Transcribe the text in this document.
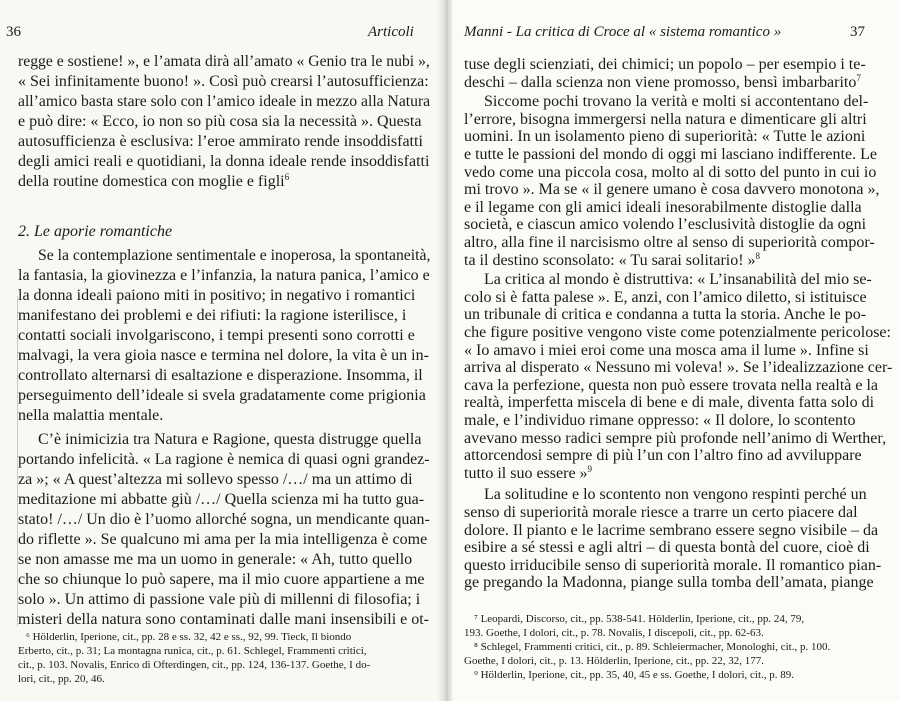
36	Articoli
regge e sostiene! », e l’amata dirà all’amato « Genio tra le nubi »,
« Sei infinitamente buono! ». Così può crearsi l’autosufficienza:
all’amico basta stare solo con l’amico ideale in mezzo alla Natura
e può dire: « Ecco, io non so più cosa sia la necessità ». Questa
autosufficienza è esclusiva: l’eroe ammirato rende insoddisfatti
degli amici reali e quotidiani, la donna ideale rende insoddisfatti
della routine domestica con moglie e figli$^6$
2. Le aporie romantiche
Se la contemplazione sentimentale e inoperosa, la spontaneità,
la fantasia, la giovinezza e l’infanzia, la natura panica, l’amico e
la donna ideali paiono miti in positivo; in negativo i romantici
manifestano dei problemi e dei rifiuti: la ragione isterilisce, i
contatti sociali involgariscono, i tempi presenti sono corrotti e
malvagi, la vera gioia nasce e termina nel dolore, la vita è un in-
controllato alternarsi di esaltazione e disperazione. Insomma, il
perseguimento dell’ideale si svela gradatamente come prigionia
nella malattia mentale.
C’è inimicizia tra Natura e Ragione, questa distrugge quella
portando infelicità. « La ragione è nemica di quasi ogni grandez-
za »; « A quest’altezza mi sollevo spesso /…/ ma un attimo di
meditazione mi abbatte giù /…/ Quella scienza mi ha tutto gua-
stato! /…/ Un dio è l’uomo allorché sogna, un mendicante quan-
do riflette ». Se qualcuno mi ama per la mia intelligenza è come
se non amasse me ma un uomo in generale: « Ah, tutto quello
che so chiunque lo può sapere, ma il mio cuore appartiene a me
solo ». Un attimo di passione vale più di millenni di filosofia; i
misteri della natura sono contaminati dalle mani insensibili e ot-
⁶ Hölderlin, Iperione, cit., pp. 28 e ss. 32, 42 e ss., 92, 99. Tieck, Il biondo
Erberto, cit., p. 31; La montagna runica, cit., p. 61. Schlegel, Frammenti critici,
cit., p. 103. Novalis, Enrico di Ofterdingen, cit., pp. 124, 136-137. Goethe, I do-
lori, cit., pp. 20, 46.
Manni - La critica di Croce al « sistema romantico »	37
tuse degli scienziati, dei chimici; un popolo – per esempio i te-
deschi – dalla scienza non viene promosso, bensì imbarbarito$^7$
Siccome pochi trovano la verità e molti si accontentano del-
l’errore, bisogna immergersi nella natura e dimenticare gli altri
uomini. In un isolamento pieno di superiorità: « Tutte le azioni
e tutte le passioni del mondo di oggi mi lasciano indifferente. Le
vedo come una piccola cosa, molto al di sotto del punto in cui io
mi trovo ». Ma se « il genere umano è cosa davvero monotona »,
e il legame con gli amici ideali inesorabilmente distoglie dalla
società, e ciascun amico volendo l’esclusività distoglie da ogni
altro, alla fine il narcisismo oltre al senso di superiorità compor-
ta il destino sconsolato: « Tu sarai solitario! »$^8$
La critica al mondo è distruttiva: « L’insanabilità del mio se-
colo si è fatta palese ». E, anzi, con l’amico diletto, si istituisce
un tribunale di critica e condanna a tutta la storia. Anche le po-
che figure positive vengono viste come potenzialmente pericolose:
« Io amavo i miei eroi come una mosca ama il lume ». Infine si
arriva al disperato « Nessuno mi voleva! ». Se l’idealizzazione cer-
cava la perfezione, questa non può essere trovata nella realtà e la
realtà, imperfetta miscela di bene e di male, diventa fatta solo di
male, e l’individuo rimane oppresso: « Il dolore, lo scontento
avevano messo radici sempre più profonde nell’animo di Werther,
attorcendosi sempre di più l’un con l’altro fino ad avviluppare
tutto il suo essere »$^9$
La solitudine e lo scontento non vengono respinti perché un
senso di superiorità morale riesce a trarre un certo piacere dal
dolore. Il pianto e le lacrime sembrano essere segno visibile – da
esibire a sé stessi e agli altri – di questa bontà del cuore, cioè di
questo irriducibile senso di superiorità morale. Il romantico pian-
ge pregando la Madonna, piange sulla tomba dell’amata, piange
⁷ Leopardi, Discorso, cit., pp. 538-541. Hölderlin, Iperione, cit., pp. 24, 79,
193. Goethe, I dolori, cit., p. 78. Novalis, I discepoli, cit., pp. 62-63.
⁸ Schlegel, Frammenti critici, cit., p. 89. Schleiermacher, Monologhi, cit., p. 100.
Goethe, I dolori, cit., p. 13. Hölderlin, Iperione, cit., pp. 22, 32, 177.
⁹ Hölderlin, Iperione, cit., pp. 35, 40, 45 e ss. Goethe, I dolori, cit., p. 89.
